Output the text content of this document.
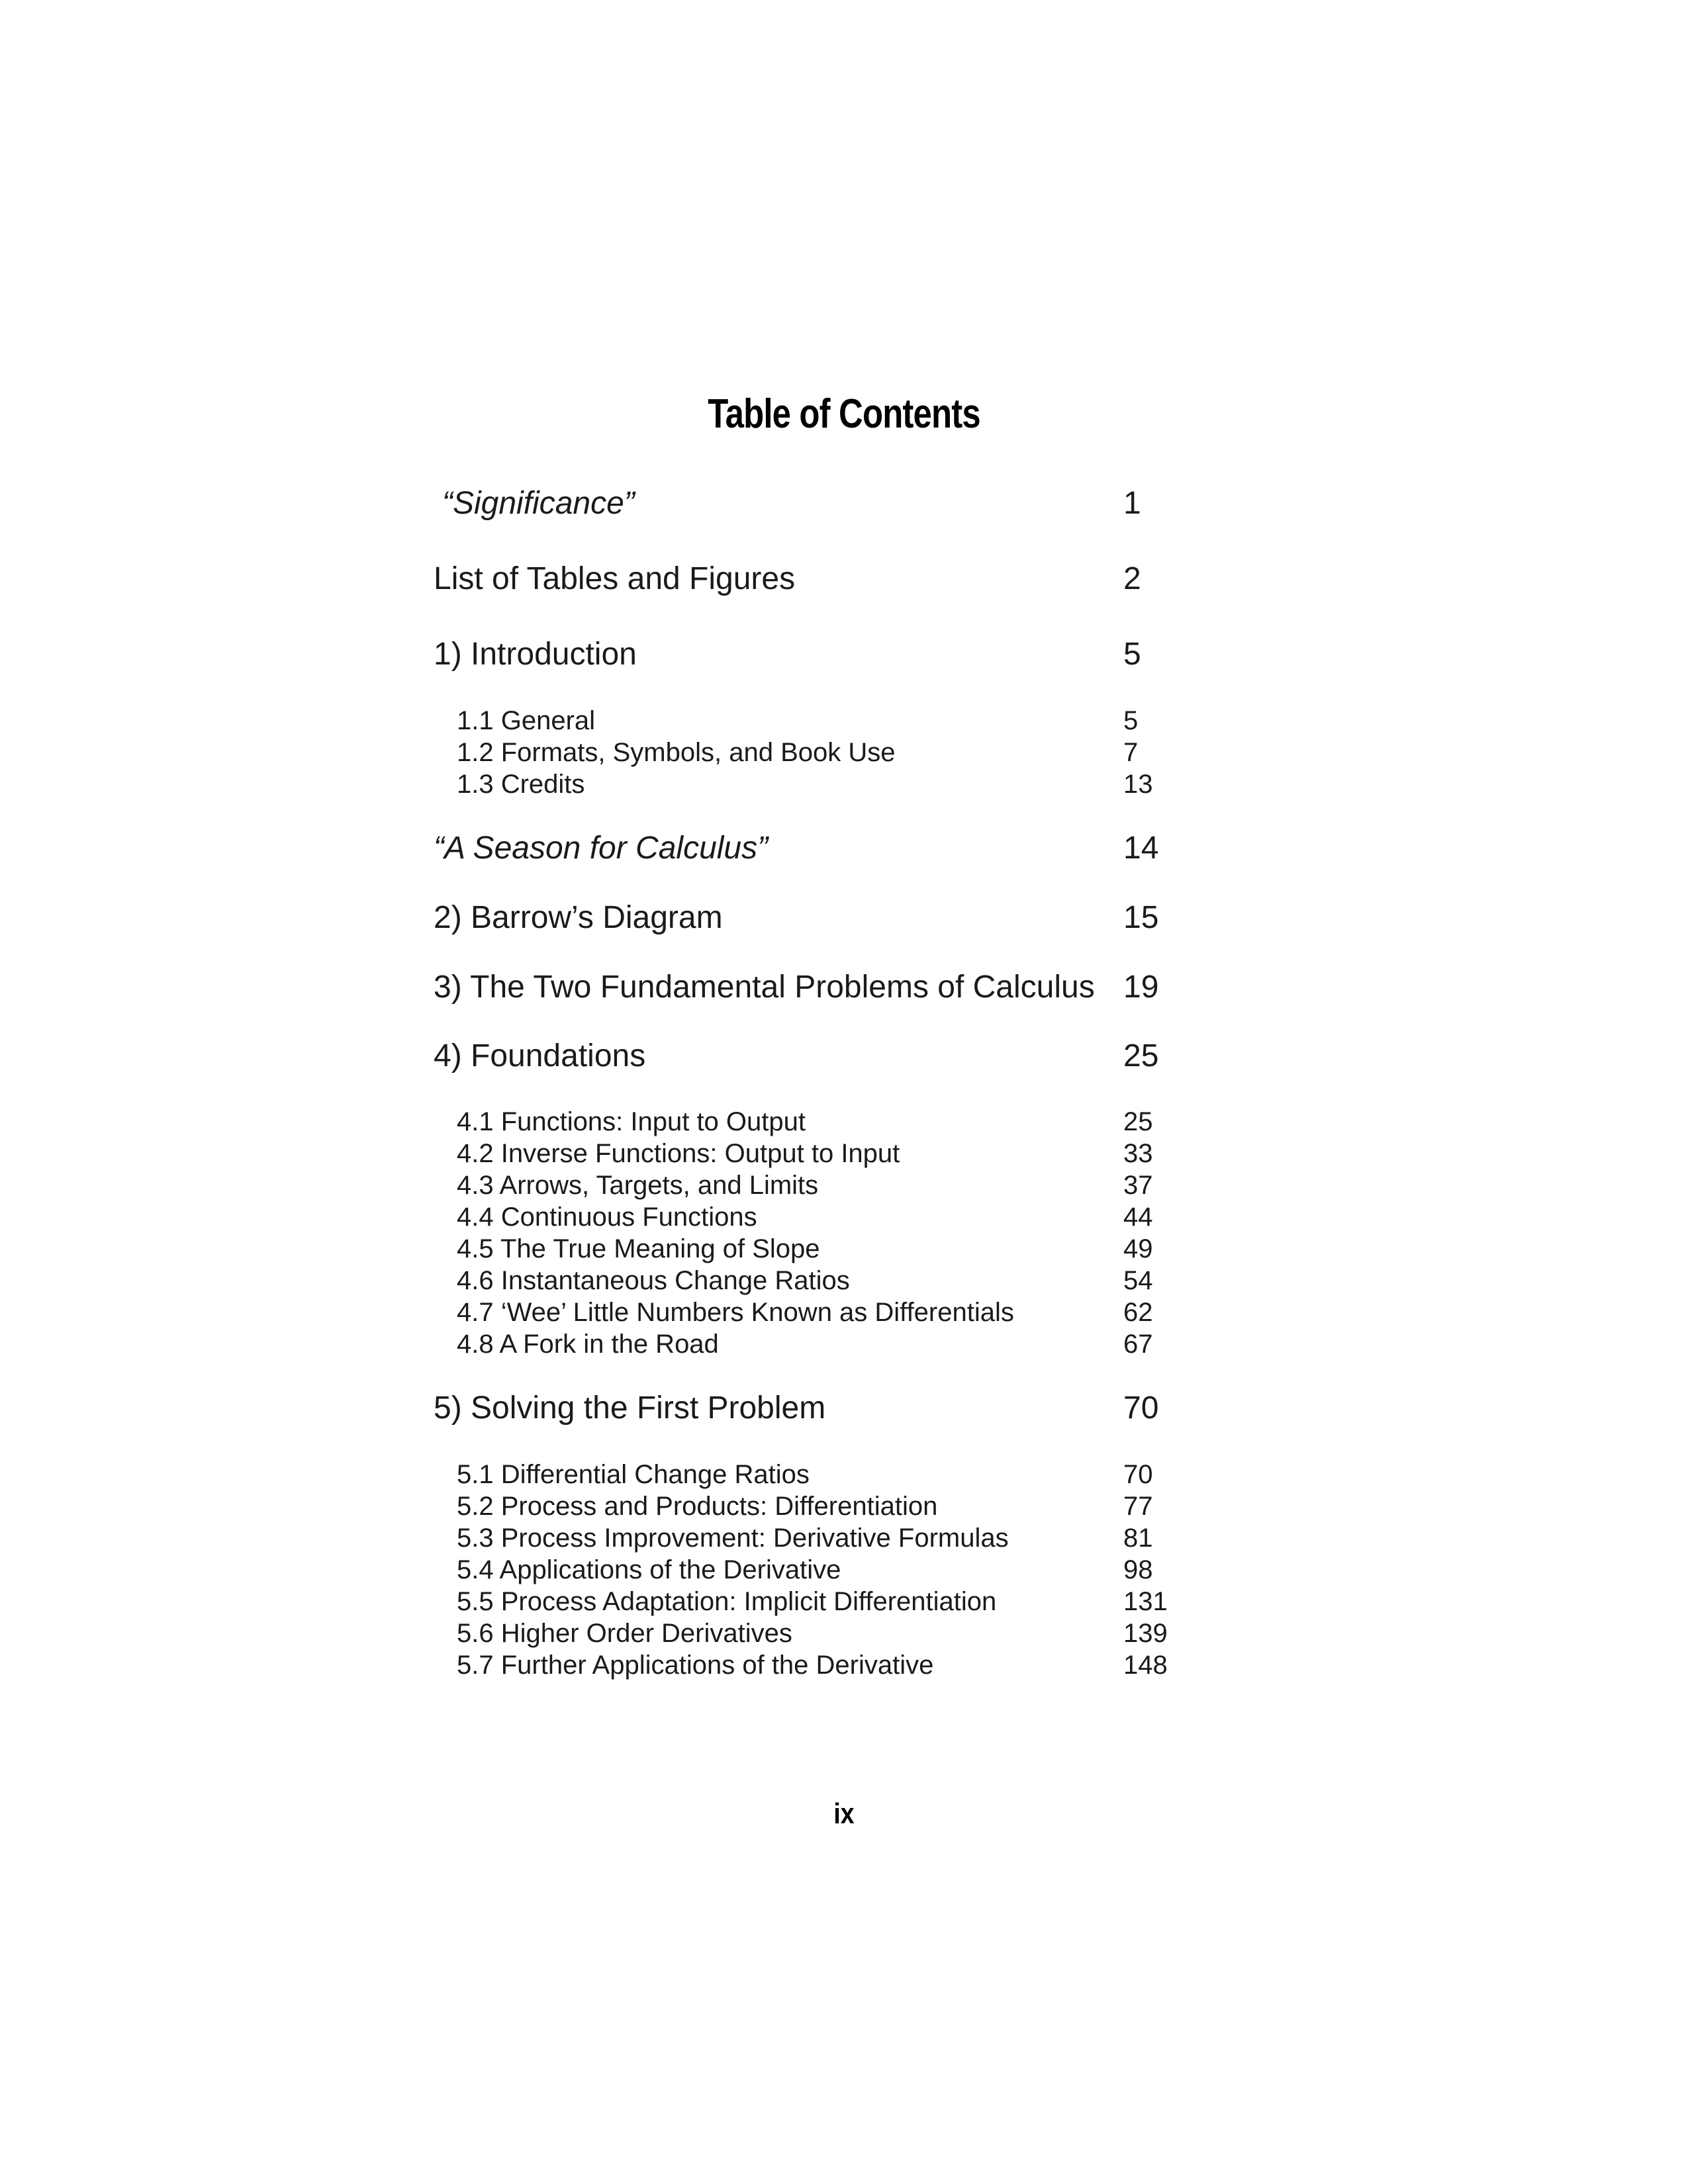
Table of Contents
“Significance”	1
List of Tables and Figures	2
1) Introduction	5
1.1 General	5
1.2 Formats, Symbols, and Book Use	7
1.3 Credits	13
“A Season for Calculus”	14
2) Barrow’s Diagram	15
3) The Two Fundamental Problems of Calculus 19
4) Foundations	25
4.1 Functions: Input to Output	25
4.2 Inverse Functions: Output to Input	33
4.3 Arrows, Targets, and Limits	37
4.4 Continuous Functions	44
4.5 The True Meaning of Slope	49
4.6 Instantaneous Change Ratios	54
4.7 ‘Wee’ Little Numbers Known as Differentials	62
4.8 A Fork in the Road	67
5) Solving the First Problem	70
5.1 Differential Change Ratios	70
5.2 Process and Products: Differentiation	77
5.3 Process Improvement: Derivative Formulas	81
5.4 Applications of the Derivative	98
5.5 Process Adaptation: Implicit Differentiation	131
5.6 Higher Order Derivatives	139
5.7 Further Applications of the Derivative	148
ix
